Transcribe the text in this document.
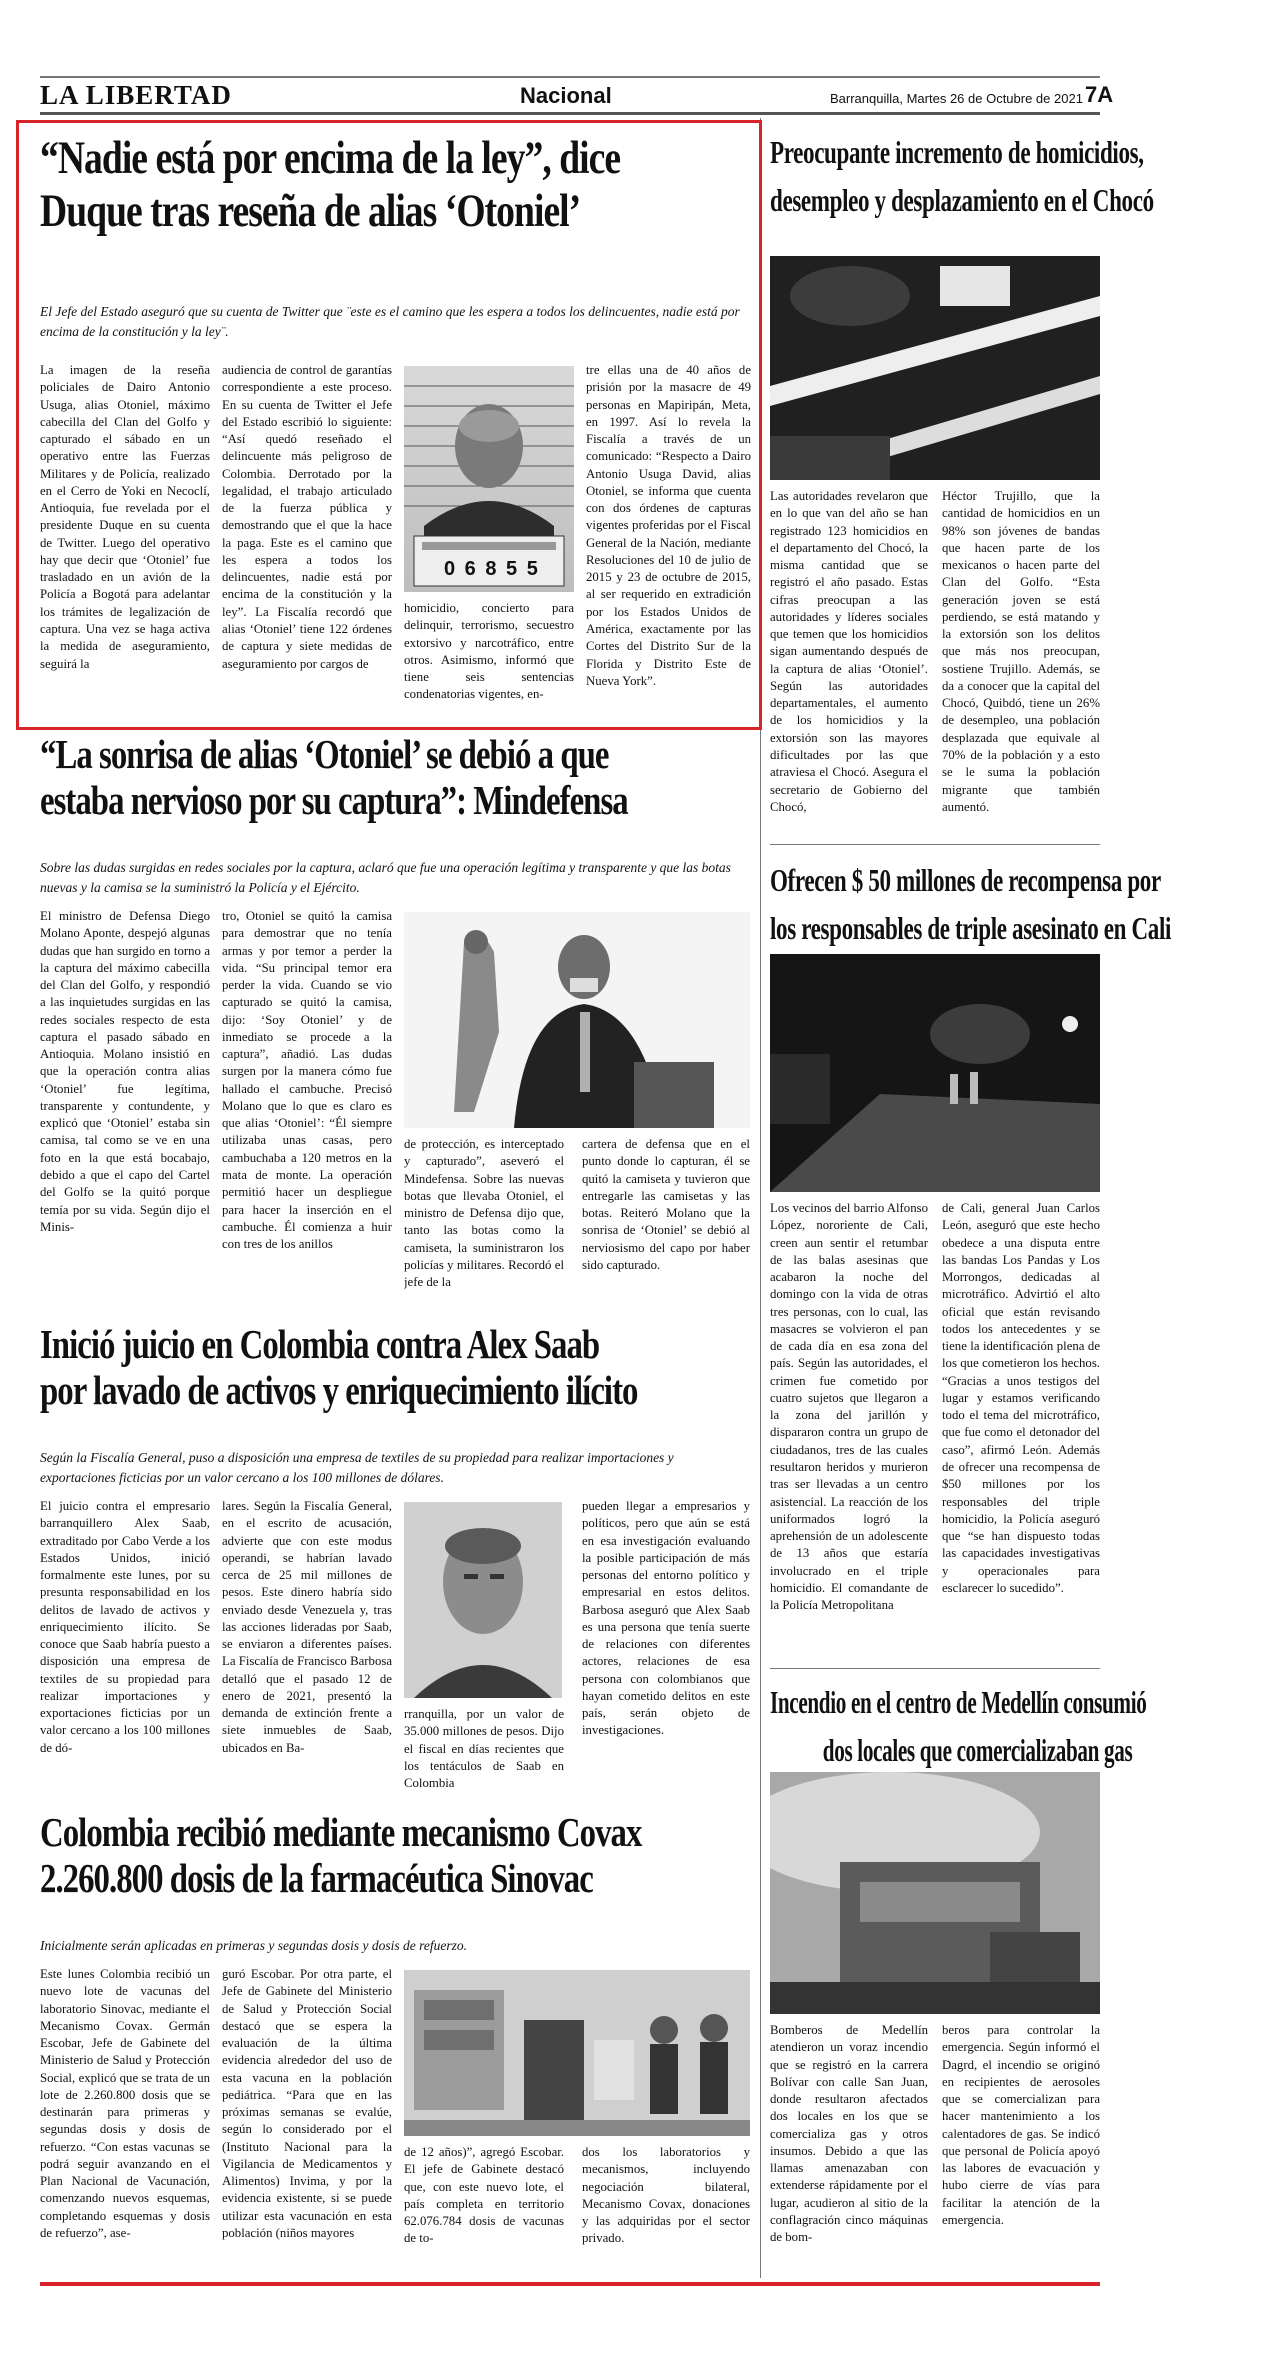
LA LIBERTAD	Nacional	Barranquilla, Martes 26 de Octubre de 2021 7A
“Nadie está por encima de la ley”, dice
Duque tras reseña de alias ‘Otoniel’
El Jefe del Estado aseguró que su cuenta de Twitter que ¨este es el camino que les espera a todos los delincuentes, nadie está por encima de la constitución y la ley¨.
La imagen de la reseña policiales de Dairo Antonio Usuga, alias Otoniel, máximo cabecilla del Clan del Golfo y capturado el sábado en un operativo entre las Fuerzas Militares y de Policía, realizado en el Cerro de Yoki en Necoclí, Antioquia, fue revelada por el presidente Duque en su cuenta de Twitter. Luego del operativo hay que decir que ‘Otoniel’ fue trasladado en un avión de la Policía a Bogotá para adelantar los trámites de legalización de captura. Una vez se haga activa la medida de aseguramiento, seguirá la
audiencia de control de garantías correspondiente a este proceso. En su cuenta de Twitter el Jefe del Estado escribió lo siguiente: “Así quedó reseñado el delincuente más peligroso de Colombia. Derrotado por la legalidad, el trabajo articulado de la fuerza pública y demostrando que el que la hace la paga. Este es el camino que les espera a todos los delincuentes, nadie está por encima de la constitución y la ley”. La Fiscalía recordó que alias ‘Otoniel’ tiene 122 órdenes de captura y siete medidas de aseguramiento por cargos de
0 6 8 5 5
homicidio, concierto para delinquir, terrorismo, secuestro extorsivo y narcotráfico, entre otros. Asimismo, informó que tiene seis sentencias condenatorias vigentes, en-
tre ellas una de 40 años de prisión por la masacre de 49 personas en Mapiripán, Meta, en 1997. Así lo revela la Fiscalía a través de un comunicado: “Respecto a Dairo Antonio Usuga David, alias Otoniel, se informa que cuenta con dos órdenes de capturas vigentes proferidas por el Fiscal General de la Nación, mediante Resoluciones del 10 de julio de 2015 y 23 de octubre de 2015, al ser requerido en extradición por los Estados Unidos de América, exactamente por las Cortes del Distrito Sur de la Florida y Distrito Este de Nueva York”.
“La sonrisa de alias ‘Otoniel’ se debió a que
estaba nervioso por su captura”: Mindefensa
Sobre las dudas surgidas en redes sociales por la captura, aclaró que fue una operación legítima y transparente y que las botas nuevas y la camisa se la suministró la Policía y el Ejército.
El ministro de Defensa Diego Molano Aponte, despejó algunas dudas que han surgido en torno a la captura del máximo cabecilla del Clan del Golfo, y respondió a las inquietudes surgidas en las redes sociales respecto de esta captura el pasado sábado en Antioquia. Molano insistió en que la operación contra alias ‘Otoniel’ fue legítima, transparente y contundente, y explicó que ‘Otoniel’ estaba sin camisa, tal como se ve en una foto en la que está bocabajo, debido a que el capo del Cartel del Golfo se la quitó porque temía por su vida. Según dijo el Minis-
tro, Otoniel se quitó la camisa para demostrar que no tenía armas y por temor a perder la vida. “Su principal temor era perder la vida. Cuando se vio capturado se quitó la camisa, dijo: ‘Soy Otoniel’ y de inmediato se procede a la captura”, añadió. Las dudas surgen por la manera cómo fue hallado el cambuche. Precisó Molano que lo que es claro es que alias ‘Otoniel’: “Él siempre utilizaba unas casas, pero cambuchaba a 120 metros en la mata de monte. La operación permitió hacer un despliegue para hacer la inserción en el cambuche. Él comienza a huir con tres de los anillos
de protección, es interceptado y capturado”, aseveró el Mindefensa. Sobre las nuevas botas que llevaba Otoniel, el ministro de Defensa dijo que, tanto las botas como la camiseta, la suministraron los policías y militares. Recordó el jefe de la
cartera de defensa que en el punto donde lo capturan, él se quitó la camiseta y tuvieron que entregarle las camisetas y las botas. Reiteró Molano que la sonrisa de ‘Otoniel’ se debió al nerviosismo del capo por haber sido capturado.
Inició juicio en Colombia contra Alex Saab
por lavado de activos y enriquecimiento ilícito
Según la Fiscalía General, puso a disposición una empresa de textiles de su propiedad para realizar importaciones y exportaciones ficticias por un valor cercano a los 100 millones de dólares.
El juicio contra el empresario barranquillero Alex Saab, extraditado por Cabo Verde a los Estados Unidos, inició formalmente este lunes, por su presunta responsabilidad en los delitos de lavado de activos y enriquecimiento ilícito. Se conoce que Saab habría puesto a disposición una empresa de textiles de su propiedad para realizar importaciones y exportaciones ficticias por un valor cercano a los 100 millones de dó-
lares. Según la Fiscalía General, en el escrito de acusación, advierte que con este modus operandi, se habrían lavado cerca de 25 mil millones de pesos. Este dinero habría sido enviado desde Venezuela y, tras las acciones lideradas por Saab, se enviaron a diferentes países. La Fiscalía de Francisco Barbosa detalló que el pasado 12 de enero de 2021, presentó la demanda de extinción frente a siete inmuebles de Saab, ubicados en Ba-
rranquilla, por un valor de 35.000 millones de pesos. Dijo el fiscal en días recientes que los tentáculos de Saab en Colombia
pueden llegar a empresarios y políticos, pero que aún se está en esa investigación evaluando la posible participación de más personas del entorno político y empresarial en estos delitos. Barbosa aseguró que Alex Saab es una persona que tenía suerte de relaciones con diferentes actores, relaciones de esa persona con colombianos que hayan cometido delitos en este país, serán objeto de investigaciones.
Colombia recibió mediante mecanismo Covax
2.260.800 dosis de la farmacéutica Sinovac
Inicialmente serán aplicadas en primeras y segundas dosis y dosis de refuerzo.
Este lunes Colombia recibió un nuevo lote de vacunas del laboratorio Sinovac, mediante el Mecanismo Covax. Germán Escobar, Jefe de Gabinete del Ministerio de Salud y Protección Social, explicó que se trata de un lote de 2.260.800 dosis que se destinarán para primeras y segundas dosis y dosis de refuerzo. “Con estas vacunas se podrá seguir avanzando en el Plan Nacional de Vacunación, comenzando nuevos esquemas, completando esquemas y dosis de refuerzo”, ase-
guró Escobar. Por otra parte, el Jefe de Gabinete del Ministerio de Salud y Protección Social destacó que se espera la evaluación de la última evidencia alrededor del uso de esta vacuna en la población pediátrica. “Para que en las próximas semanas se evalúe, según lo considerado por el (Instituto Nacional para la Vigilancia de Medicamentos y Alimentos) Invima, y por la evidencia existente, si se puede utilizar esta vacunación en esta población (niños mayores
de 12 años)”, agregó Escobar. El jefe de Gabinete destacó que, con este nuevo lote, el país completa en territorio 62.076.784 dosis de vacunas de to-
dos los laboratorios y mecanismos, incluyendo negociación bilateral, Mecanismo Covax, donaciones y las adquiridas por el sector privado.
Preocupante incremento de homicidios,
desempleo y desplazamiento en el Chocó
Las autoridades revelaron que en lo que van del año se han registrado 123 homicidios en el departamento del Chocó, la misma cantidad que se registró el año pasado. Estas cifras preocupan a las autoridades y líderes sociales que temen que los homicidios sigan aumentando después de la captura de alias ‘Otoniel’. Según las autoridades departamentales, el aumento de los homicidios y la extorsión son las mayores dificultades por las que atraviesa el Chocó. Asegura el secretario de Gobierno del Chocó,
Héctor Trujillo, que la cantidad de homicidios en un 98% son jóvenes de bandas que hacen parte de los mexicanos o hacen parte del Clan del Golfo. “Esta generación joven se está perdiendo, se está matando y la extorsión son los delitos que más nos preocupan, sostiene Trujillo. Además, se da a conocer que la capital del Chocó, Quibdó, tiene un 26% de desempleo, una población desplazada que equivale al 70% de la población y a esto se le suma la población migrante que también aumentó.
Ofrecen $ 50 millones de recompensa por
los responsables de triple asesinato en Cali
Los vecinos del barrio Alfonso López, nororiente de Cali, creen aun sentir el retumbar de las balas asesinas que acabaron la noche del domingo con la vida de otras tres personas, con lo cual, las masacres se volvieron el pan de cada día en esa zona del país. Según las autoridades, el crimen fue cometido por cuatro sujetos que llegaron a la zona del jarillón y dispararon contra un grupo de ciudadanos, tres de las cuales resultaron heridos y murieron tras ser llevadas a un centro asistencial. La reacción de los uniformados logró la aprehensión de un adolescente de 13 años que estaría involucrado en el triple homicidio. El comandante de la Policía Metropolitana
de Cali, general Juan Carlos León, aseguró que este hecho obedece a una disputa entre las bandas Los Pandas y Los Morrongos, dedicadas al microtráfico. Advirtió el alto oficial que están revisando todos los antecedentes y se tiene la identificación plena de los que cometieron los hechos. “Gracias a unos testigos del lugar y estamos verificando todo el tema del microtráfico, que fue como el detonador del caso”, afirmó León. Además de ofrecer una recompensa de $50 millones por los responsables del triple homicidio, la Policía aseguró que “se han dispuesto todas las capacidades investigativas y operacionales para esclarecer lo sucedido”.
Incendio en el centro de Medellín consumió
dos locales que comercializaban gas
Bomberos de Medellín atendieron un voraz incendio que se registró en la carrera Bolívar con calle San Juan, donde resultaron afectados dos locales en los que se comercializa gas y otros insumos. Debido a que las llamas amenazaban con extenderse rápidamente por el lugar, acudieron al sitio de la conflagración cinco máquinas de bom-
beros para controlar la emergencia. Según informó el Dagrd, el incendio se originó en recipientes de aerosoles que se comercializan para hacer mantenimiento a los calentadores de gas. Se indicó que personal de Policía apoyó las labores de evacuación y hubo cierre de vías para facilitar la atención de la emergencia.
